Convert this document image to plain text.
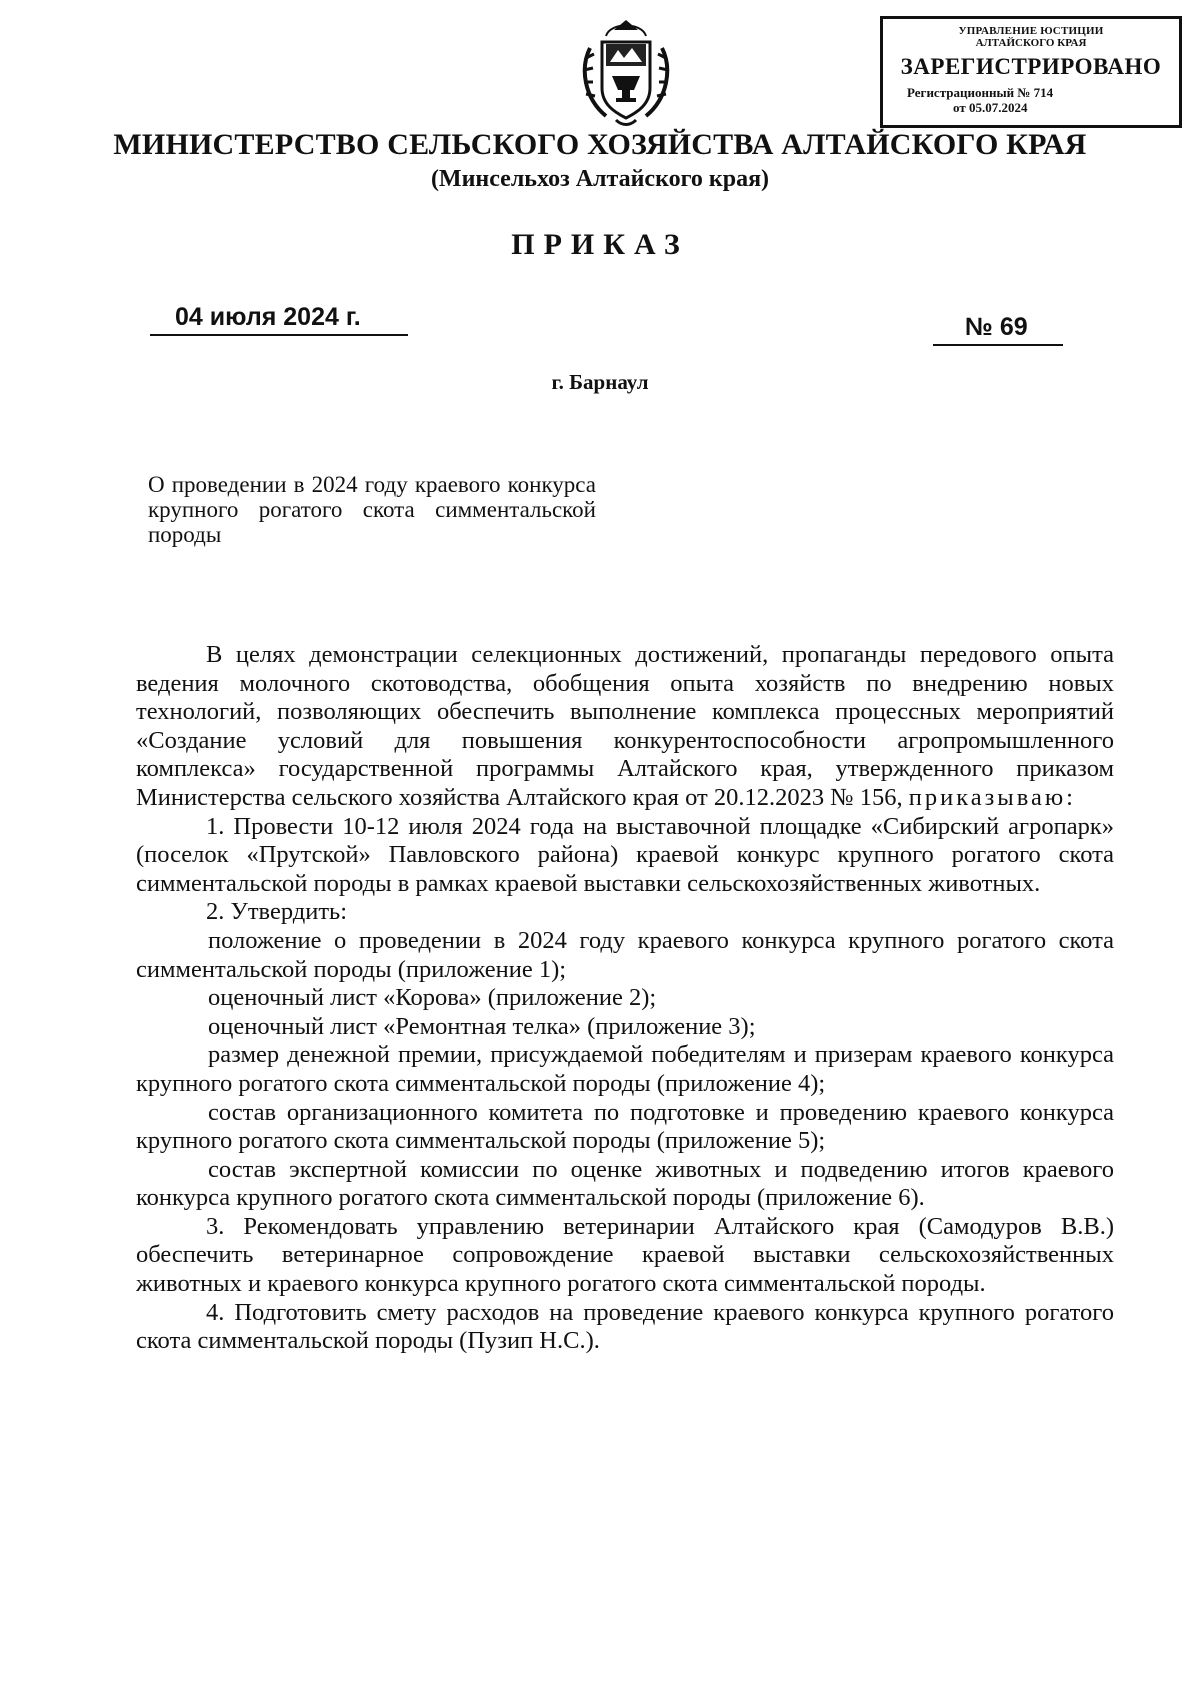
УПРАВЛЕНИЕ ЮСТИЦИИ
АЛТАЙСКОГО КРАЯ
ЗАРЕГИСТРИРОВАНО
Регистрационный № 714
от 05.07.2024
МИНИСТЕРСТВО СЕЛЬСКОГО ХОЗЯЙСТВА АЛТАЙСКОГО КРАЯ
(Минсельхоз Алтайского края)
ПРИКАЗ
04 июля 2024 г.	№ 69
г. Барнаул
О проведении в 2024 году краевого конкурса крупного рогатого скота симментальской породы

В целях демонстрации селекционных достижений, пропаганды передового опыта ведения молочного скотоводства, обобщения опыта хозяйств по внедрению новых технологий, позволяющих обеспечить выполнение комплекса процессных мероприятий «Создание условий для повышения конкурентоспособности агропромышленного комплекса» государственной программы Алтайского края, утвержденного приказом Министерства сельского хозяйства Алтайского края от 20.12.2023 № 156, приказываю:

1. Провести 10-12 июля 2024 года на выставочной площадке «Сибирский агропарк» (поселок «Прутской» Павловского района) краевой конкурс крупного рогатого скота симментальской породы в рамках краевой выставки сельскохозяйственных животных.

2. Утвердить:

положение о проведении в 2024 году краевого конкурса крупного рогатого скота симментальской породы (приложение 1);

оценочный лист «Корова» (приложение 2);

оценочный лист «Ремонтная телка» (приложение 3);

размер денежной премии, присуждаемой победителям и призерам краевого конкурса крупного рогатого скота симментальской породы (приложение 4);

состав организационного комитета по подготовке и проведению краевого конкурса крупного рогатого скота симментальской породы (приложение 5);

состав экспертной комиссии по оценке животных и подведению итогов краевого конкурса крупного рогатого скота симментальской породы (приложение 6).

3. Рекомендовать управлению ветеринарии Алтайского края (Самодуров В.В.) обеспечить ветеринарное сопровождение краевой выставки сельскохозяйственных животных и краевого конкурса крупного рогатого скота симментальской породы.

4. Подготовить смету расходов на проведение краевого конкурса крупного рогатого скота симментальской породы (Пузип Н.С.).
